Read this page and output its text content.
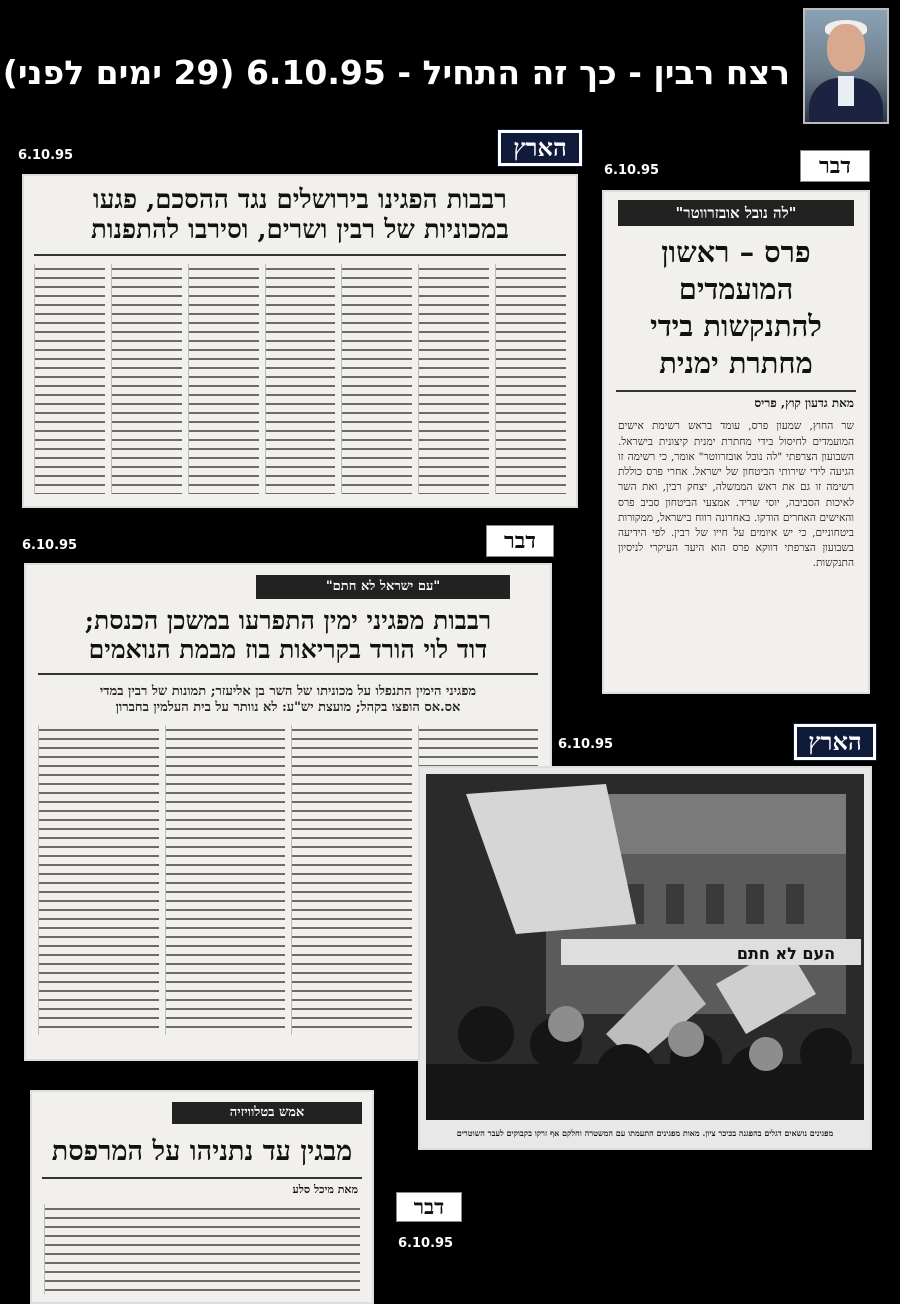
רצח רבין - כך זה התחיל - 6.10.95 (29 ימים לפני)
6.10.95	הארץ
רבבות הפגינו בירושלים נגד ההסכם, פגעו
במכוניות של רבין ושרים, וסירבו להתפנות
6.10.95	דבר
"לה נובל אובזרווטר"
פרס – ראשון המועמדים להתנקשות בידי מחתרת ימנית
מאת גדעון קוץ, פריס
שר החוץ, שמעון פרס, עומד בראש רשימת אישים המועמדים לחיסול בידי מחתרת ימנית קיצונית בישראל. השבועון הצרפתי "לה נובל אובזרווטר" אומר, כי רשימה זו הגיעה לידי שירותי הביטחון של ישראל. אחרי פרס כוללת רשימה זו גם את ראש הממשלה, יצחק רבין, ואת השר לאיכות הסביבה, יוסי שריד. אמצעי הביטחון סביב פרס והאישים האחרים הודקו. באחרונה רווח בישראל, ממקורות ביטחוניים, כי יש איומים על חייו של רבין. לפי הידיעה בשבועון הצרפתי דווקא פרס הוא היעד העיקרי לניסיון התנקשות.
6.10.95	דבר
"עם ישראל לא חתם"
רבבות מפגיני ימין התפרעו במשכן הכנסת;
דוד לוי הורד בקריאות בוז מבמת הנואמים
מפגיני הימין התנפלו על מכוניתו של השר בן אליעזר; תמונות של רבין במדי
אס.אס הופצו בקהל; מועצת יש"ע: לא נוותר על בית העלמין בחברון
6.10.95	הארץ
העם לא חתם
מפגינים נושאים דגלים בהפגנה בכיכר ציון. מאות מפגינים התעמתו עם המשטרה וחלקם אף זרקו בקבוקים לעבר השוטרים
אמש בטלוויזיה
מבגין עד נתניהו על המרפסת
מאת מיכל סלע
דבר
6.10.95
